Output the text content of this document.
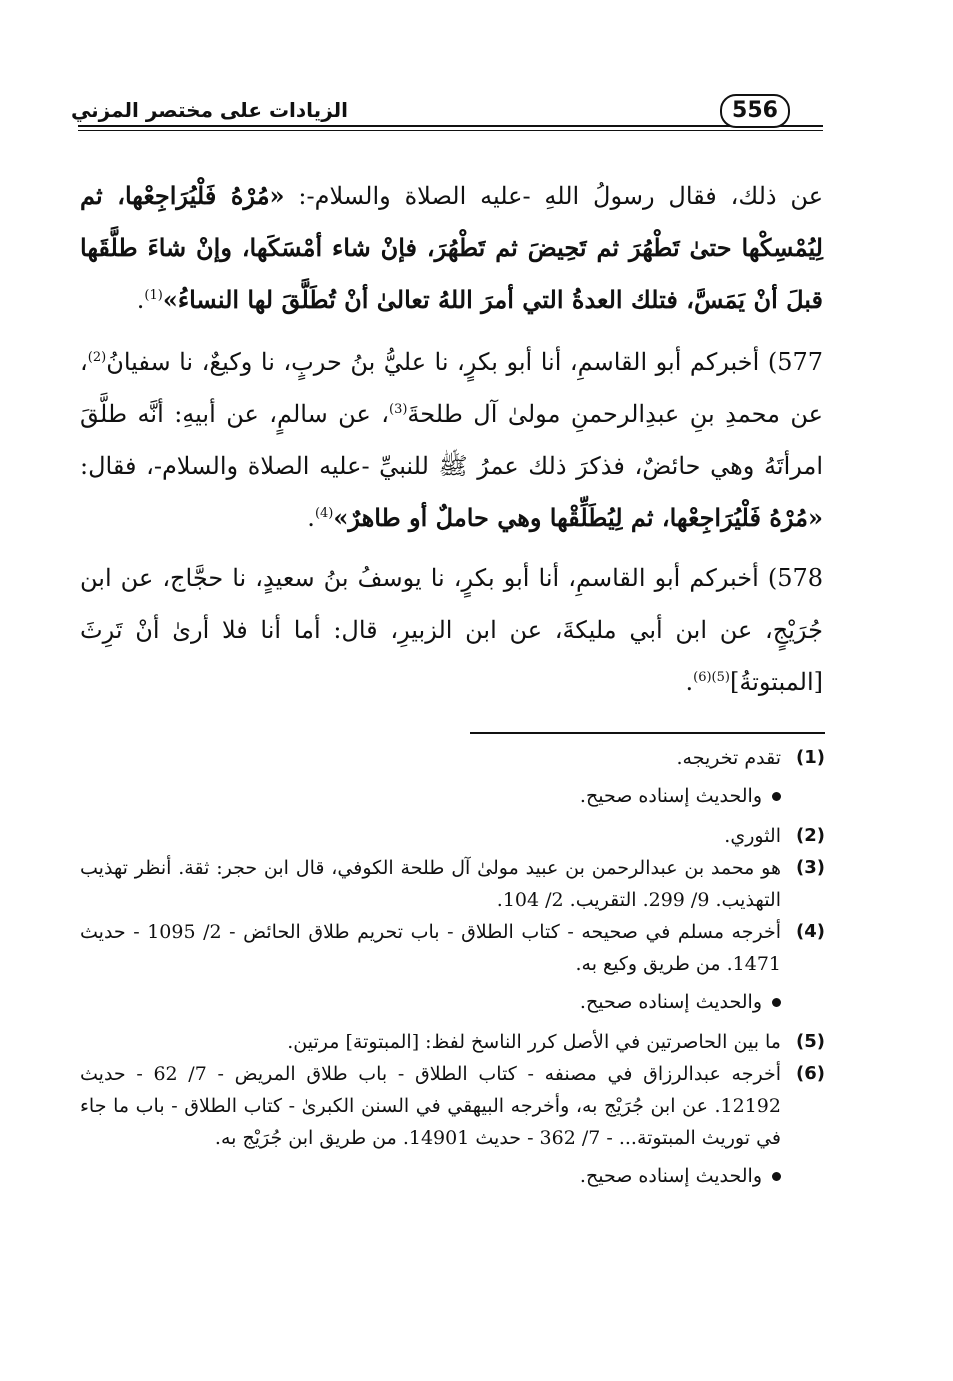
الزيادات على مختصر المزني	556

عن ذلك، فقال رسولُ اللهِ -عليه الصلاة والسلام-: «مُرْهُ فَلْيُرَاجِعْها، ثم لِيُمْسِكْها حتىٰ تَطْهُرَ ثم تَحِيضَ ثم تَطْهُرَ، فإنْ شاء أمْسَكَها، وإنْ شاءَ طلَّقَها قبلَ أنْ يَمَسَّ، فتلك العدةُ التي أمرَ اللهُ تعالىٰ أنْ تُطَلَّقَ لها النساءُ»$^{(1)}$.

577) أخبركم أبو القاسمِ، أنا أبو بكرٍ، نا عليُّ بنُ حربٍ، نا وكيعٌ، نا سفيانُ$^{(2)}$، عن محمدِ بنِ عبدِالرحمنِ مولىٰ آل طلحةَ$^{(3)}$، عن سالمٍ، عن أبيهِ: أنَّه طلَّقَ امرأتَهُ وهي حائضٌ، فذكرَ ذلك عمرُ ﷺ للنبيِّ -عليه الصلاة والسلام-، فقال: «مُرْهُ فَلْيُرَاجِعْها، ثم لِيُطَلِّقْها وهي حاملٌ أو طاهرٌ»$^{(4)}$.

578) أخبركم أبو القاسمِ، أنا أبو بكرٍ، نا يوسفُ بنُ سعيدٍ، نا حجَّاج، عن ابن جُرَيْجٍ، عن ابن أبي مليكةَ، عن ابن الزبيرِ، قال: أما أنا فلا أرىٰ أنْ تَرِثَ [المبتوتةُ]$^{(5)(6)}$.

(1)
تقدم تخريجه.
والحديث إسناده صحيح.
(2)
الثوري.
(3)
هو محمد بن عبدالرحمن بن عبيد مولىٰ آل طلحة الكوفي، قال ابن حجر: ثقة. أنظر تهذيب التهذيب. 9/ 299. التقريب. 2/ 104.
(4)
أخرجه مسلم في صحيحه - كتاب الطلاق - باب تحريم طلاق الحائض - 2/ 1095 - حديث 1471. من طريق وكيع به.
والحديث إسناده صحيح.
(5)
ما بين الحاصرتين في الأصل كرر الناسخ لفظ: [المبتوتة] مرتين.
(6)
أخرجه عبدالرزاق في مصنفه - كتاب الطلاق - باب طلاق المريض - 7/ 62 - حديث 12192. عن ابن جُرَيْج به، وأخرجه البيهقي في السنن الكبرىٰ - كتاب الطلاق - باب ما جاء في توريث المبتوتة... - 7/ 362 - حديث 14901. من طريق ابن جُرَيْج به.
والحديث إسناده صحيح.
